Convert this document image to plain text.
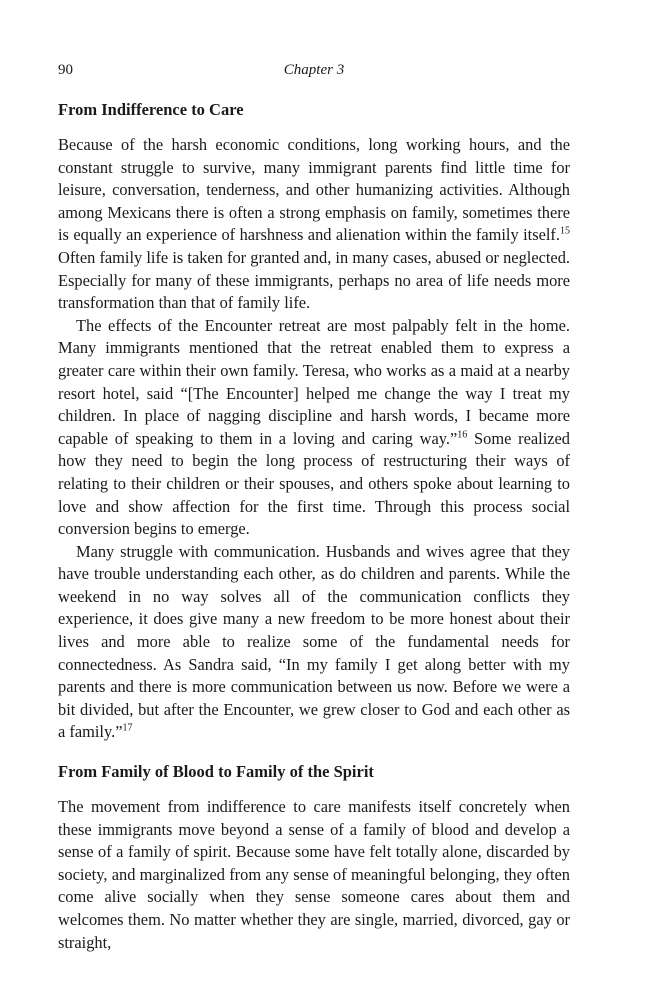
90	Chapter 3
From Indifference to Care

Because of the harsh economic conditions, long working hours, and the constant struggle to survive, many immigrant parents find little time for leisure, conversation, tenderness, and other humanizing activities. Although among Mexicans there is often a strong emphasis on family, sometimes there is equally an experience of harshness and alienation within the family itself.$^{15}$ Often family life is taken for granted and, in many cases, abused or neglected. Especially for many of these immigrants, perhaps no area of life needs more transformation than that of family life.

The effects of the Encounter retreat are most palpably felt in the home. Many immigrants mentioned that the retreat enabled them to express a greater care within their own family. Teresa, who works as a maid at a nearby resort hotel, said “[The Encounter] helped me change the way I treat my children. In place of nagging discipline and harsh words, I became more capable of speaking to them in a loving and caring way.”$^{16}$ Some realized how they need to begin the long process of restructuring their ways of relating to their children or their spouses, and others spoke about learning to love and show affection for the first time. Through this process social conversion begins to emerge.

Many struggle with communication. Husbands and wives agree that they have trouble understanding each other, as do children and parents. While the weekend in no way solves all of the communication conflicts they experience, it does give many a new freedom to be more honest about their lives and more able to realize some of the fundamental needs for connectedness. As Sandra said, “In my family I get along better with my parents and there is more communication between us now. Before we were a bit divided, but after the Encounter, we grew closer to God and each other as a family.”$^{17}$

From Family of Blood to Family of the Spirit

The movement from indifference to care manifests itself concretely when these immigrants move beyond a sense of a family of blood and develop a sense of a family of spirit. Because some have felt totally alone, discarded by society, and marginalized from any sense of meaningful belonging, they often come alive socially when they sense someone cares about them and welcomes them. No matter whether they are single, married, divorced, gay or straight,
